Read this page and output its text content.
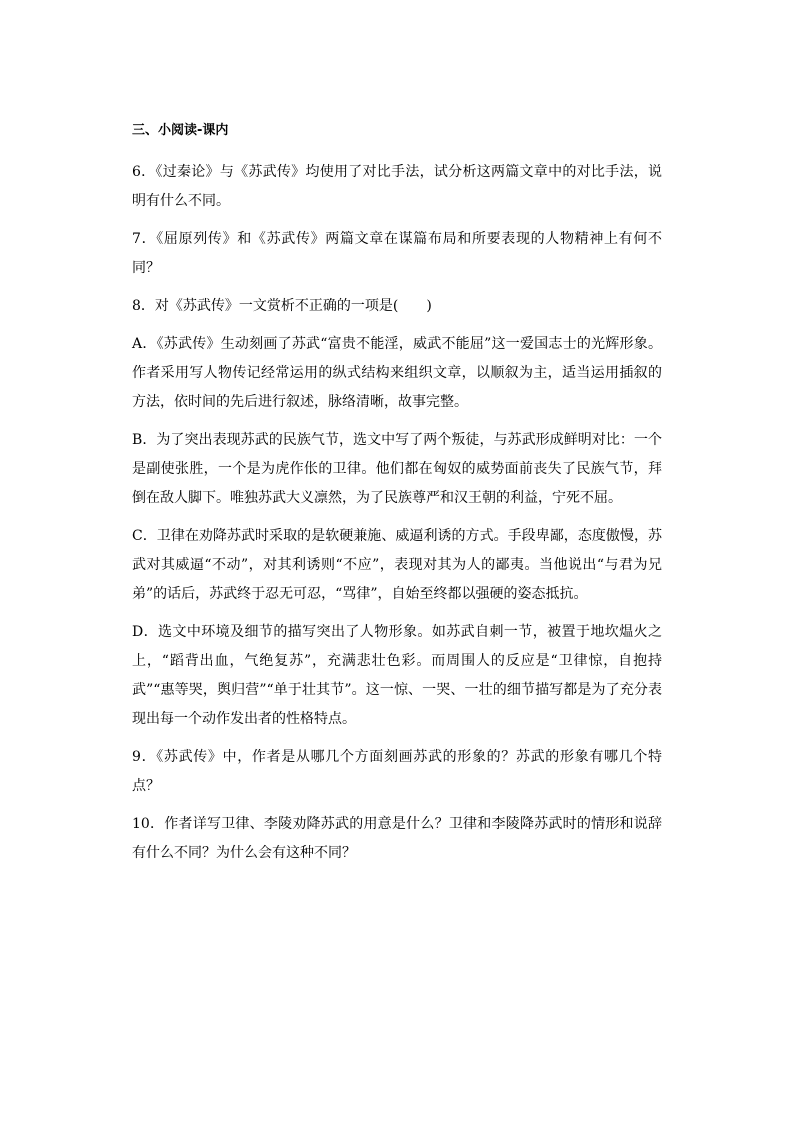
三、小阅读-课内
6．《过秦论》与《苏武传》均使用了对比手法，试分析这两篇文章中的对比手法，说明有什么不同。
7．《屈原列传》和《苏武传》两篇文章在谋篇布局和所要表现的人物精神上有何不同？
8．对《苏武传》一文赏析不正确的一项是(　　)
A．《苏武传》生动刻画了苏武“富贵不能淫，威武不能屈”这一爱国志士的光辉形象。作者采用写人物传记经常运用的纵式结构来组织文章，以顺叙为主，适当运用插叙的方法，依时间的先后进行叙述，脉络清晰，故事完整。
B．为了突出表现苏武的民族气节，选文中写了两个叛徒，与苏武形成鲜明对比：一个是副使张胜，一个是为虎作伥的卫律。他们都在匈奴的威势面前丧失了民族气节，拜倒在敌人脚下。唯独苏武大义凛然，为了民族尊严和汉王朝的利益，宁死不屈。
C．卫律在劝降苏武时采取的是软硬兼施、威逼利诱的方式。手段卑鄙，态度傲慢，苏武对其威逼“不动”，对其利诱则“不应”，表现对其为人的鄙夷。当他说出“与君为兄弟”的话后，苏武终于忍无可忍，“骂律”，自始至终都以强硬的姿态抵抗。
D．选文中环境及细节的描写突出了人物形象。如苏武自刺一节，被置于地坎煴火之上，“蹈背出血，气绝复苏”，充满悲壮色彩。而周围人的反应是“卫律惊，自抱持武”“惠等哭，舆归营”“单于壮其节”。这一惊、一哭、一壮的细节描写都是为了充分表现出每一个动作发出者的性格特点。
9．《苏武传》中，作者是从哪几个方面刻画苏武的形象的？苏武的形象有哪几个特点？
10．作者详写卫律、李陵劝降苏武的用意是什么？卫律和李陵降苏武时的情形和说辞有什么不同？为什么会有这种不同？
